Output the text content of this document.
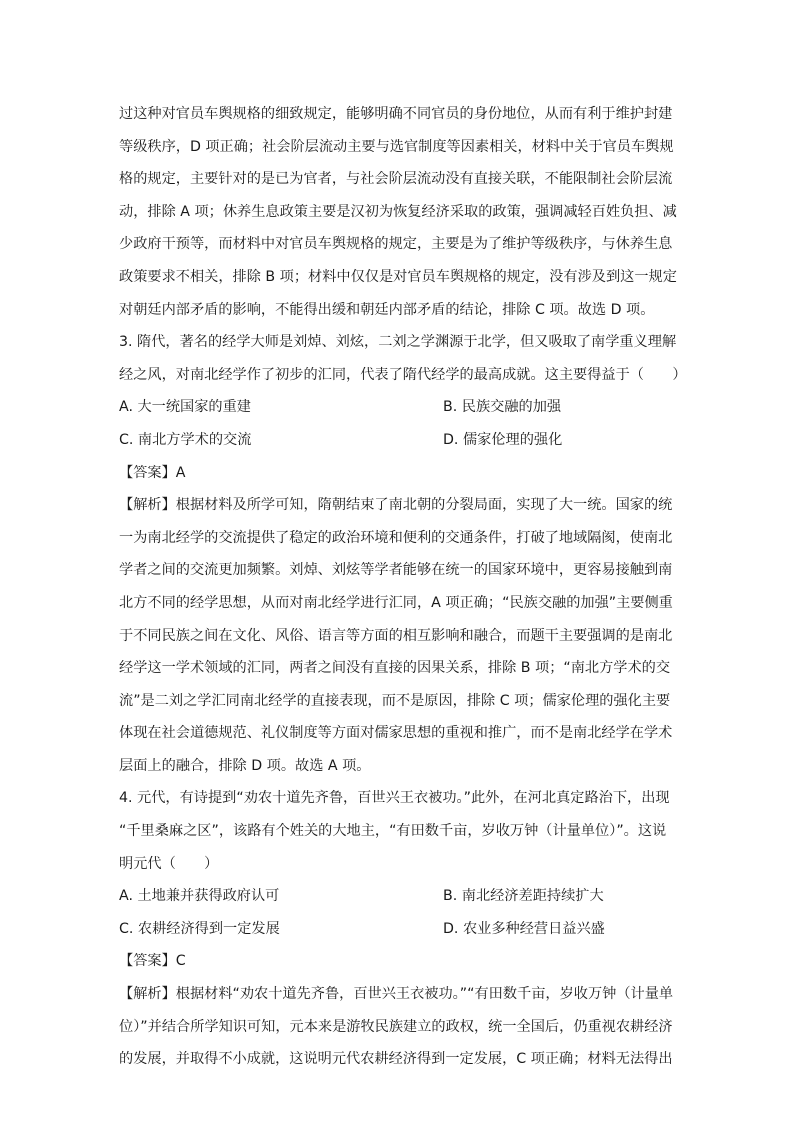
过这种对官员车舆规格的细致规定，能够明确不同官员的身份地位，从而有利于维护封建
等级秩序，D 项正确；社会阶层流动主要与选官制度等因素相关，材料中关于官员车舆规
格的规定，主要针对的是已为官者，与社会阶层流动没有直接关联，不能限制社会阶层流
动，排除 A 项；休养生息政策主要是汉初为恢复经济采取的政策，强调减轻百姓负担、减
少政府干预等，而材料中对官员车舆规格的规定，主要是为了维护等级秩序，与休养生息
政策要求不相关，排除 B 项；材料中仅仅是对官员车舆规格的规定，没有涉及到这一规定
对朝廷内部矛盾的影响，不能得出缓和朝廷内部矛盾的结论，排除 C 项。故选 D 项。
3. 隋代，著名的经学大师是刘焯、刘炫，二刘之学渊源于北学，但又吸取了南学重义理解
经之风，对南北经学作了初步的汇同，代表了隋代经学的最高成就。这主要得益于（　　）
A. 大一统国家的重建	B. 民族交融的加强
C. 南北方学术的交流	D. 儒家伦理的强化
【答案】A
【解析】根据材料及所学可知，隋朝结束了南北朝的分裂局面，实现了大一统。国家的统
一为南北经学的交流提供了稳定的政治环境和便利的交通条件，打破了地域隔阂，使南北
学者之间的交流更加频繁。刘焯、刘炫等学者能够在统一的国家环境中，更容易接触到南
北方不同的经学思想，从而对南北经学进行汇同，A 项正确；“民族交融的加强”主要侧重
于不同民族之间在文化、风俗、语言等方面的相互影响和融合，而题干主要强调的是南北
经学这一学术领域的汇同，两者之间没有直接的因果关系，排除 B 项；“南北方学术的交
流”是二刘之学汇同南北经学的直接表现，而不是原因，排除 C 项；儒家伦理的强化主要
体现在社会道德规范、礼仪制度等方面对儒家思想的重视和推广，而不是南北经学在学术
层面上的融合，排除 D 项。故选 A 项。
4. 元代，有诗提到“劝农十道先齐鲁，百世兴王衣被功。”此外，在河北真定路治下，出现
“千里桑麻之区”，该路有个姓关的大地主，“有田数千亩，岁收万钟（计量单位）”。这说
明元代（　　）
A. 土地兼并获得政府认可	B. 南北经济差距持续扩大
C. 农耕经济得到一定发展	D. 农业多种经营日益兴盛
【答案】C
【解析】根据材料“劝农十道先齐鲁，百世兴王衣被功。”“有田数千亩，岁收万钟（计量单
位）”并结合所学知识可知，元本来是游牧民族建立的政权，统一全国后，仍重视农耕经济
的发展，并取得不小成就，这说明元代农耕经济得到一定发展，C 项正确；材料无法得出
